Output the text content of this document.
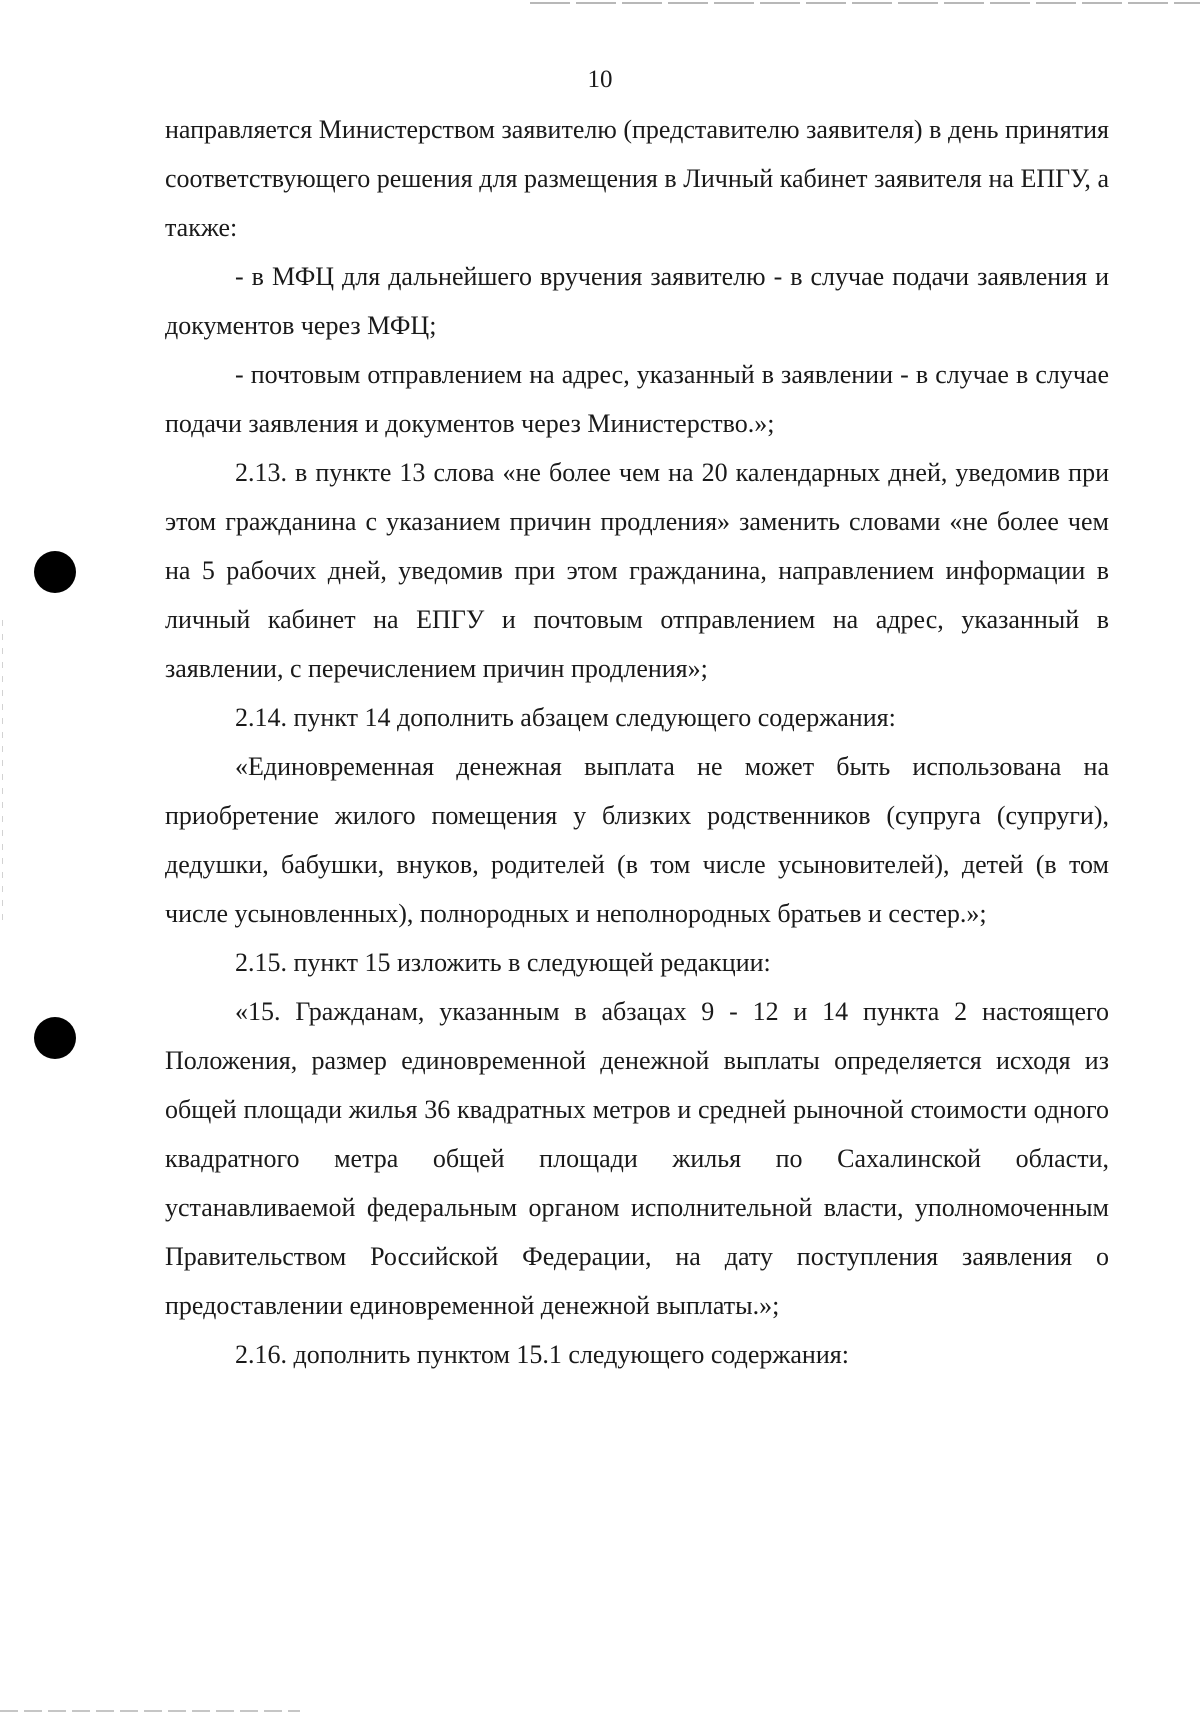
10

направляется Министерством заявителю (представителю заявителя) в день принятия соответствующего решения для размещения в Личный кабинет заявителя на ЕПГУ, а также:

- в МФЦ для дальнейшего вручения заявителю - в случае подачи заявления и документов через МФЦ;

- почтовым отправлением на адрес, указанный в заявлении - в случае в случае подачи заявления и документов через Министерство.»;

2.13. в пункте 13 слова «не более чем на 20 календарных дней, уведомив при этом гражданина с указанием причин продления» заменить словами «не более чем на 5 рабочих дней, уведомив при этом гражданина, направлением информации в личный кабинет на ЕПГУ и почтовым отправлением на адрес, указанный в заявлении, с перечислением причин продления»;

2.14. пункт 14 дополнить абзацем следующего содержания:

«Единовременная денежная выплата не может быть использована на приобретение жилого помещения у близких родственников (супруга (супруги), дедушки, бабушки, внуков, родителей (в том числе усыновителей), детей (в том числе усыновленных), полнородных и неполнородных братьев и сестер.»;

2.15. пункт 15 изложить в следующей редакции:

«15. Гражданам, указанным в абзацах 9 - 12 и 14 пункта 2 настоящего Положения, размер единовременной денежной выплаты определяется исходя из общей площади жилья 36 квадратных метров и средней рыночной стоимости одного квадратного метра общей площади жилья по Сахалинской области, устанавливаемой федеральным органом исполнительной власти, уполномоченным Правительством Российской Федерации, на дату поступления заявления о предоставлении единовременной денежной выплаты.»;

2.16. дополнить пунктом 15.1 следующего содержания:
